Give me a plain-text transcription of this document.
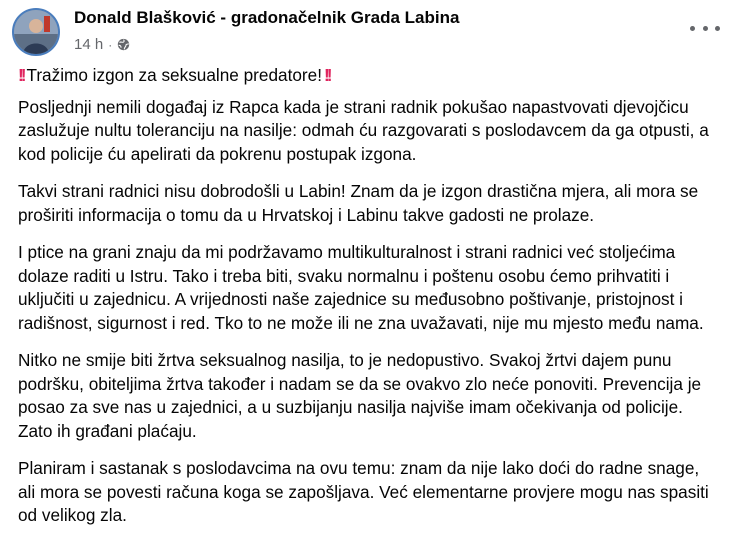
Donald Blašković - gradonačelnik Grada Labina
14 h ·

!! Tražimo izgon za seksualne predatore! !!

Posljednji nemili događaj iz Rapca kada je strani radnik pokušao napastvovati djevojčicu zaslužuje nultu toleranciju na nasilje: odmah ću razgovarati s poslodavcem da ga otpusti, a kod policije ću apelirati da pokrenu postupak izgona.

Takvi strani radnici nisu dobrodošli u Labin! Znam da je izgon drastična mjera, ali mora se proširiti informacija o tomu da u Hrvatskoj i Labinu takve gadosti ne prolaze.

I ptice na grani znaju da mi podržavamo multikulturalnost i strani radnici već stoljećima dolaze raditi u Istru. Tako i treba biti, svaku normalnu i poštenu osobu ćemo prihvatiti i uključiti u zajednicu. A vrijednosti naše zajednice su međusobno poštivanje, pristojnost i radišnost, sigurnost i red. Tko to ne može ili ne zna uvažavati, nije mu mjesto među nama.

Nitko ne smije biti žrtva seksualnog nasilja, to je nedopustivo. Svakoj žrtvi dajem punu podršku, obiteljima žrtva također i nadam se da se ovakvo zlo neće ponoviti. Prevencija je posao za sve nas u zajednici, a u suzbijanju nasilja najviše imam očekivanja od policije. Zato ih građani plaćaju.

Planiram i sastanak s poslodavcima na ovu temu: znam da nije lako doći do radne snage, ali mora se povesti računa koga se zapošljava. Već elementarne provjere mogu nas spasiti od velikog zla.
